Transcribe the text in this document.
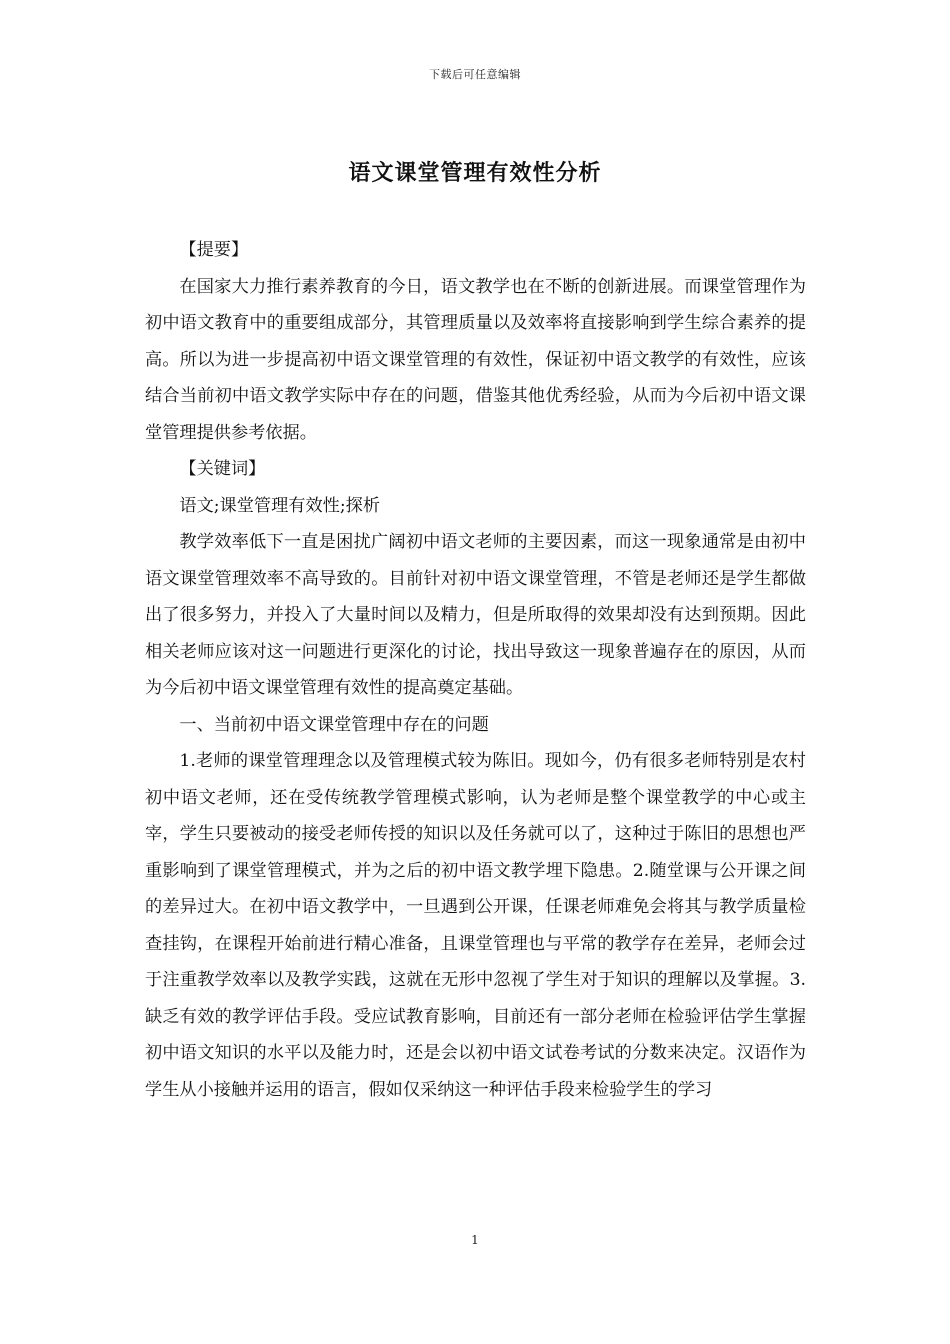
下载后可任意编辑
语文课堂管理有效性分析

【提要】

在国家大力推行素养教育的今日，语文教学也在不断的创新进展。而课堂管理作为初中语文教育中的重要组成部分，其管理质量以及效率将直接影响到学生综合素养的提高。所以为进一步提高初中语文课堂管理的有效性，保证初中语文教学的有效性，应该结合当前初中语文教学实际中存在的问题，借鉴其他优秀经验，从而为今后初中语文课堂管理提供参考依据。

【关键词】

语文;课堂管理有效性;探析

教学效率低下一直是困扰广阔初中语文老师的主要因素，而这一现象通常是由初中语文课堂管理效率不高导致的。目前针对初中语文课堂管理，不管是老师还是学生都做出了很多努力，并投入了大量时间以及精力，但是所取得的效果却没有达到预期。因此相关老师应该对这一问题进行更深化的讨论，找出导致这一现象普遍存在的原因，从而为今后初中语文课堂管理有效性的提高奠定基础。

一、当前初中语文课堂管理中存在的问题

1.老师的课堂管理理念以及管理模式较为陈旧。现如今，仍有很多老师特别是农村初中语文老师，还在受传统教学管理模式影响，认为老师是整个课堂教学的中心或主宰，学生只要被动的接受老师传授的知识以及任务就可以了，这种过于陈旧的思想也严重影响到了课堂管理模式，并为之后的初中语文教学埋下隐患。2.随堂课与公开课之间的差异过大。在初中语文教学中，一旦遇到公开课，任课老师难免会将其与教学质量检查挂钩，在课程开始前进行精心准备，且课堂管理也与平常的教学存在差异，老师会过于注重教学效率以及教学实践，这就在无形中忽视了学生对于知识的理解以及掌握。3.缺乏有效的教学评估手段。受应试教育影响，目前还有一部分老师在检验评估学生掌握初中语文知识的水平以及能力时，还是会以初中语文试卷考试的分数来决定。汉语作为学生从小接触并运用的语言，假如仅采纳这一种评估手段来检验学生的学习

1
